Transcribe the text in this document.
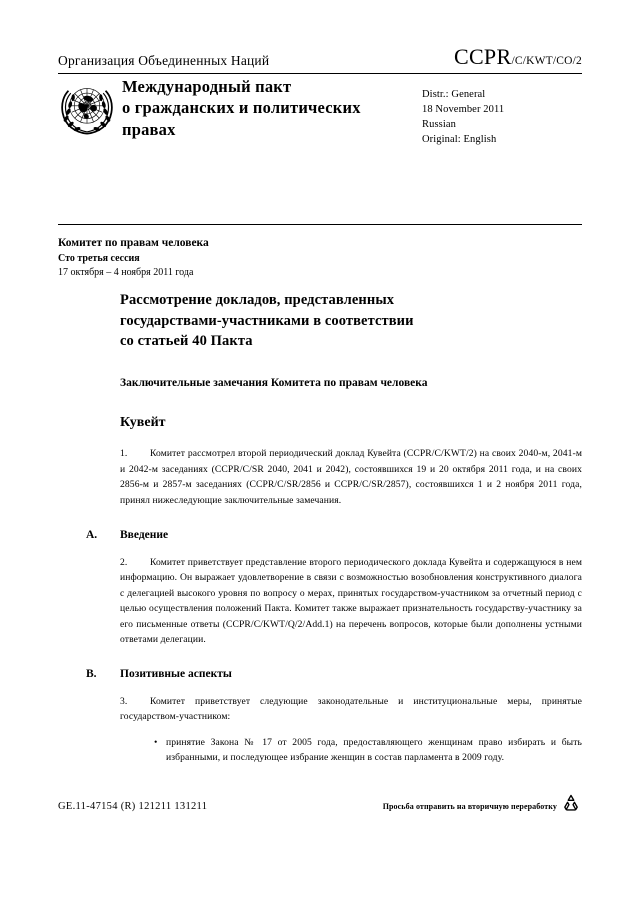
Организация Объединенных Наций	CCPR/C/KWT/CO/2
Международный пакт
о гражданских и политических
правах
Distr.: General
18 November 2011
Russian
Original: English
Комитет по правам человека
Сто третья сессия
17 октября – 4 ноября 2011 года
Рассмотрение докладов, представленных
государствами-участниками в соответствии
со статьей 40 Пакта
Заключительные замечания Комитета по правам человека
Кувейт

1. Комитет рассмотрел второй периодический доклад Кувейта (CCPR/C/KWT/2) на своих 2040-м, 2041-м и 2042-м заседаниях (CCPR/C/SR 2040, 2041 и 2042), состоявшихся 19 и 20 октября 2011 года, и на своих 2856-м и 2857-м заседаниях (CCPR/C/SR/2856 и CCPR/C/SR/2857), состоявшихся 1 и 2 ноября 2011 года, принял нижеследующие заключительные замечания.

A.	Введение

2. Комитет приветствует представление второго периодического доклада Кувейта и содержащуюся в нем информацию. Он выражает удовлетворение в связи с возможностью возобновления конструктивного диалога с делегацией высокого уровня по вопросу о мерах, принятых государством-участником за отчетный период с целью осуществления положений Пакта. Комитет также выражает признательность государству-участнику за его письменные ответы (CCPR/C/KWT/Q/2/Add.1) на перечень вопросов, которые были дополнены устными ответами делегации.

B.	Позитивные аспекты

3. Комитет приветствует следующие законодательные и институциональные меры, принятые государством-участником:

• принятие Закона № 17 от 2005 года, предоставляющего женщинам право избирать и быть избранными, и последующее избрание женщин в состав парламента в 2009 году.
GE.11-47154 (R) 121211 131211	Просьба отправить на вторичную переработку
